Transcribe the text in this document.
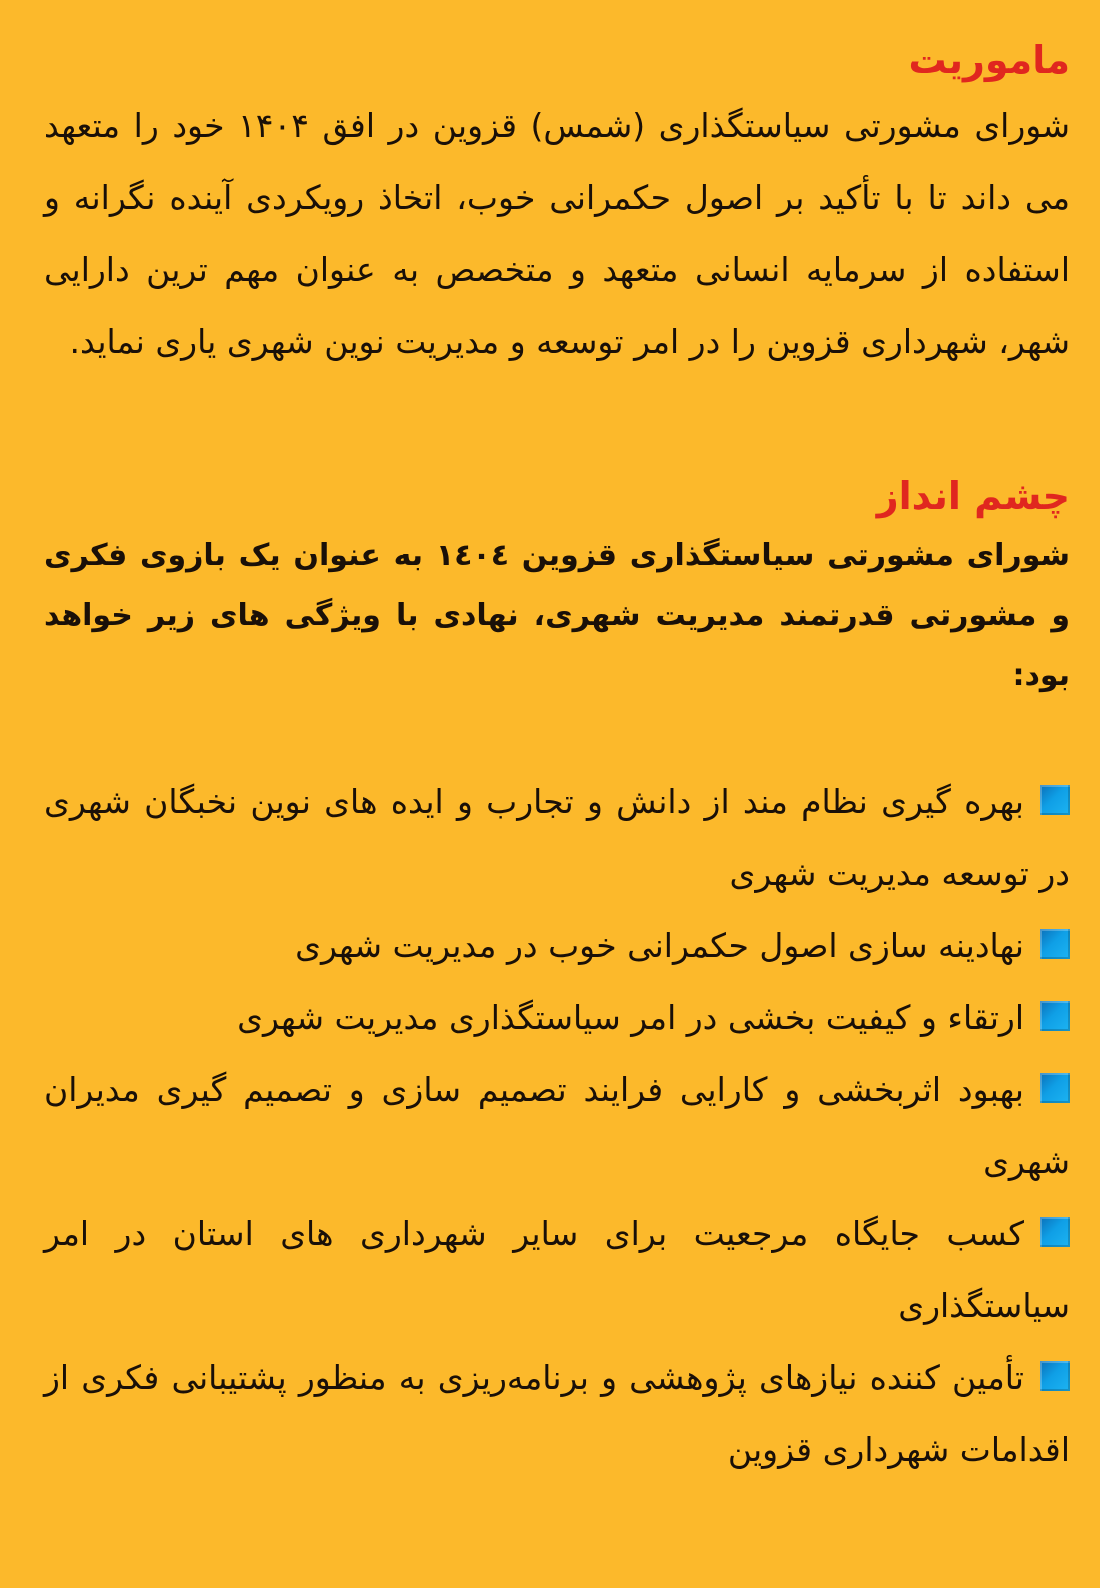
ماموریت

شورای مشورتی سیاستگذاری (شمس) قزوین در افق ۱۴۰۴ خود را متعهد می داند تا با تأکید بر اصول حکمرانی خوب، اتخاذ رویکردی آینده نگرانه و استفاده از سرمایه انسانی متعهد و متخصص به عنوان مهم ترین دارایی شهر، شهرداری قزوین را در امر توسعه و مدیریت نوین شهری یاری نماید.

چشم انداز

شورای مشورتی سیاستگذاری قزوین ۱٤۰٤ به عنوان یک بازوی فکری و مشورتی قدرتمند مدیریت شهری، نهادی با ویژگی های زیر خواهد بود:

بهره گیری نظام مند از دانش و تجارب و ایده های نوین نخبگان شهری در توسعه مدیریت شهری
نهادینه سازی اصول حکمرانی خوب در مدیریت شهری
ارتقاء و کیفیت بخشی در امر سیاستگذاری مدیریت شهری
بهبود اثربخشی و کارایی فرایند تصمیم سازی و تصمیم گیری مدیران شهری
کسب جایگاه مرجعیت برای سایر شهرداری های استان در امر سیاستگذاری
تأمین کننده نیازهای پژوهشی و برنامه‌ریزی به منظور پشتیبانی فکری از اقدامات شهرداری قزوین
